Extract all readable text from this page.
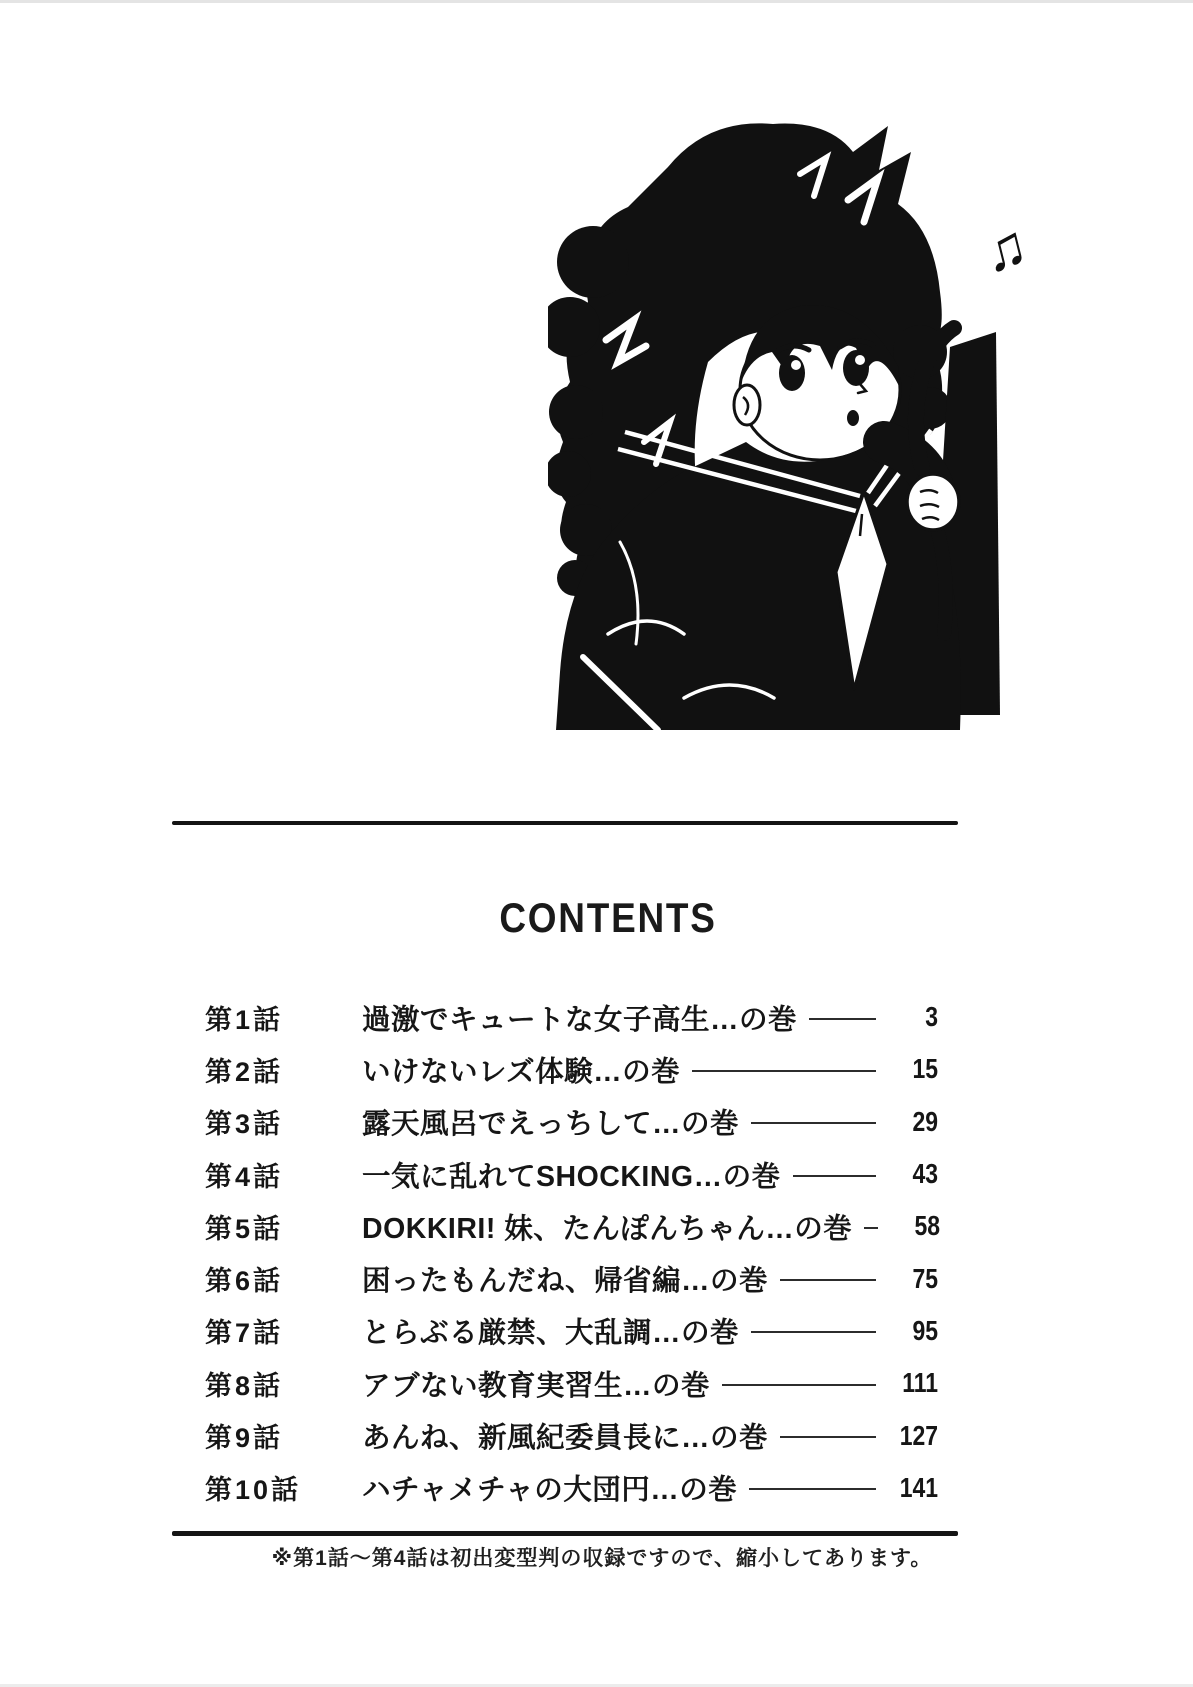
♫
CONTENTS
第1話	過激でキュートな女子高生…の巻	3
第2話	いけないレズ体験…の巻	15
第3話	露天風呂でえっちして…の巻	29
第4話	一気に乱れてSHOCKING…の巻	43
第5話	DOKKIRI! 妹、たんぽんちゃん…の巻	58
第6話	困ったもんだね、帰省編…の巻	75
第7話	とらぶる厳禁、大乱調…の巻	95
第8話	アブない教育実習生…の巻	111
第9話	あんね、新風紀委員長に…の巻	127
第10話	ハチャメチャの大団円…の巻	141

※第1話～第4話は初出変型判の収録ですので、縮小してあります。
